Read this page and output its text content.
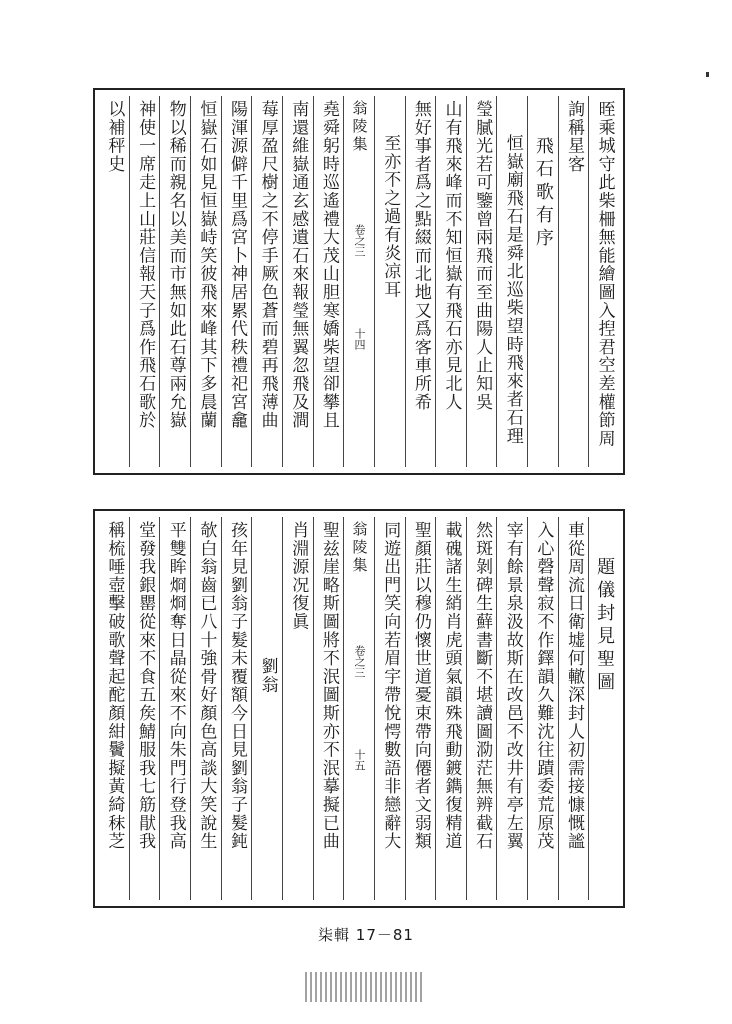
晊乘城守此柴柵無能繪圖入揑君空差權節周
詢稱星客
飛石歌有序
恒嶽廟飛石是舜北巡柴望時飛來者石理
瑩膩光若可鑒曾兩飛而至曲陽人止知吳
山有飛來峰而不知恒嶽有飛石亦見北人
無好事者爲之點綴而北地又爲客車所希
至亦不之過有炎凉耳
翁陵集
卷之三
十四
堯舜躬時巡遙禮大茂山胆寒嬌柴望卻攀且
南還維嶽通玄感遺石來報瑩無翼忽飛及澗
莓厚盈尺樹之不停手厥色蒼而碧再飛薄曲
陽渾源僻千里爲宮卜神居累代秩禮祀宮龕
恒嶽石如見恒嶽峙笑彼飛來峰其下多晨蘭
物以稀而親名以美而市無如此石尊兩允嶽
神使一席走上山莊信報天子爲作飛石歌於
以補秤史
題儀封見聖圖
車從周流日衛墟何轍深封人初需接慷慨謐
入心磬聲寂不作鐸韻久難沈往蹟委荒原茂
宰有餘景泉汲故斯在改邑不改井有亭左翼
然斑剝碑生蘚書斷不堪讀圖泐茫無辨截石
載磈諸生綃肖虎頭氣韻殊飛動鍍鐫復精道
聖顏莊以穆仍懷世道憂束帶向僊者文弱類
同遊出門笑向若眉宇帶悅愕數語非戀辭大
翁陵集
卷之三
十五
聖兹崖略斯圖將不泯圖斯亦不泯摹擬已曲
肖淵源况復眞
劉翁
孩年見劉翁子髮未覆額今日見劉翁子髮鈍
欹白翁齒已八十強骨好顏色高談大笑說生
平雙眸烱烱奪日晶從來不向朱門行登我高
堂發我銀罌從來不食五矦鯖服我七筋猒我
稱梳唾壺擊破歌聲起酡顏紺鬢擬黃綺秣芝
柒輯 17－81
